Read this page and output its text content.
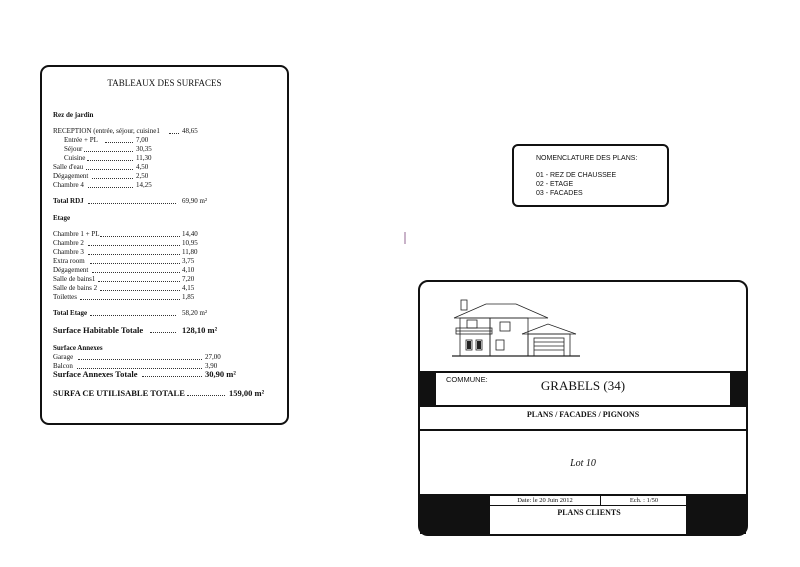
TABLEAUX DES SURFACES
Rez de jardin
RECEPTION (entrée, séjour, cuisine1	48,65
Entrée + PL	7,00
Séjour	30,35
Cuisine	11,30
Salle d'eau	4,50
Dégagement	2,50
Chambre 4	14,25
Total RDJ	69,90 m²
Etage
Chambre 1 + PL	14,40
Chambre 2	10,95
Chambre 3	11,80
Extra room	3,75
Dégagement	4,10
Salle de bains1	7,20
Salle de bains 2	4,15
Toilettes	1,85
Total Etage	58,20 m²
Surface Habitable Totale	128,10 m²
Surface Annexes
Garage	27,00
Balcon	3,90
Surface Annexes Totale	30,90 m²
SURFA CE UTILISABLE TOTALE	159,00 m²
NOMENCLATURE DES PLANS:
01 - REZ DE CHAUSSEE
02 - ETAGE
03 - FACADES
COMMUNE:	GRABELS (34)
PLANS / FACADES / PIGNONS
Lot 10
Date: le 20 Juin 2012	Ech. : 1/50
PLANS CLIENTS
